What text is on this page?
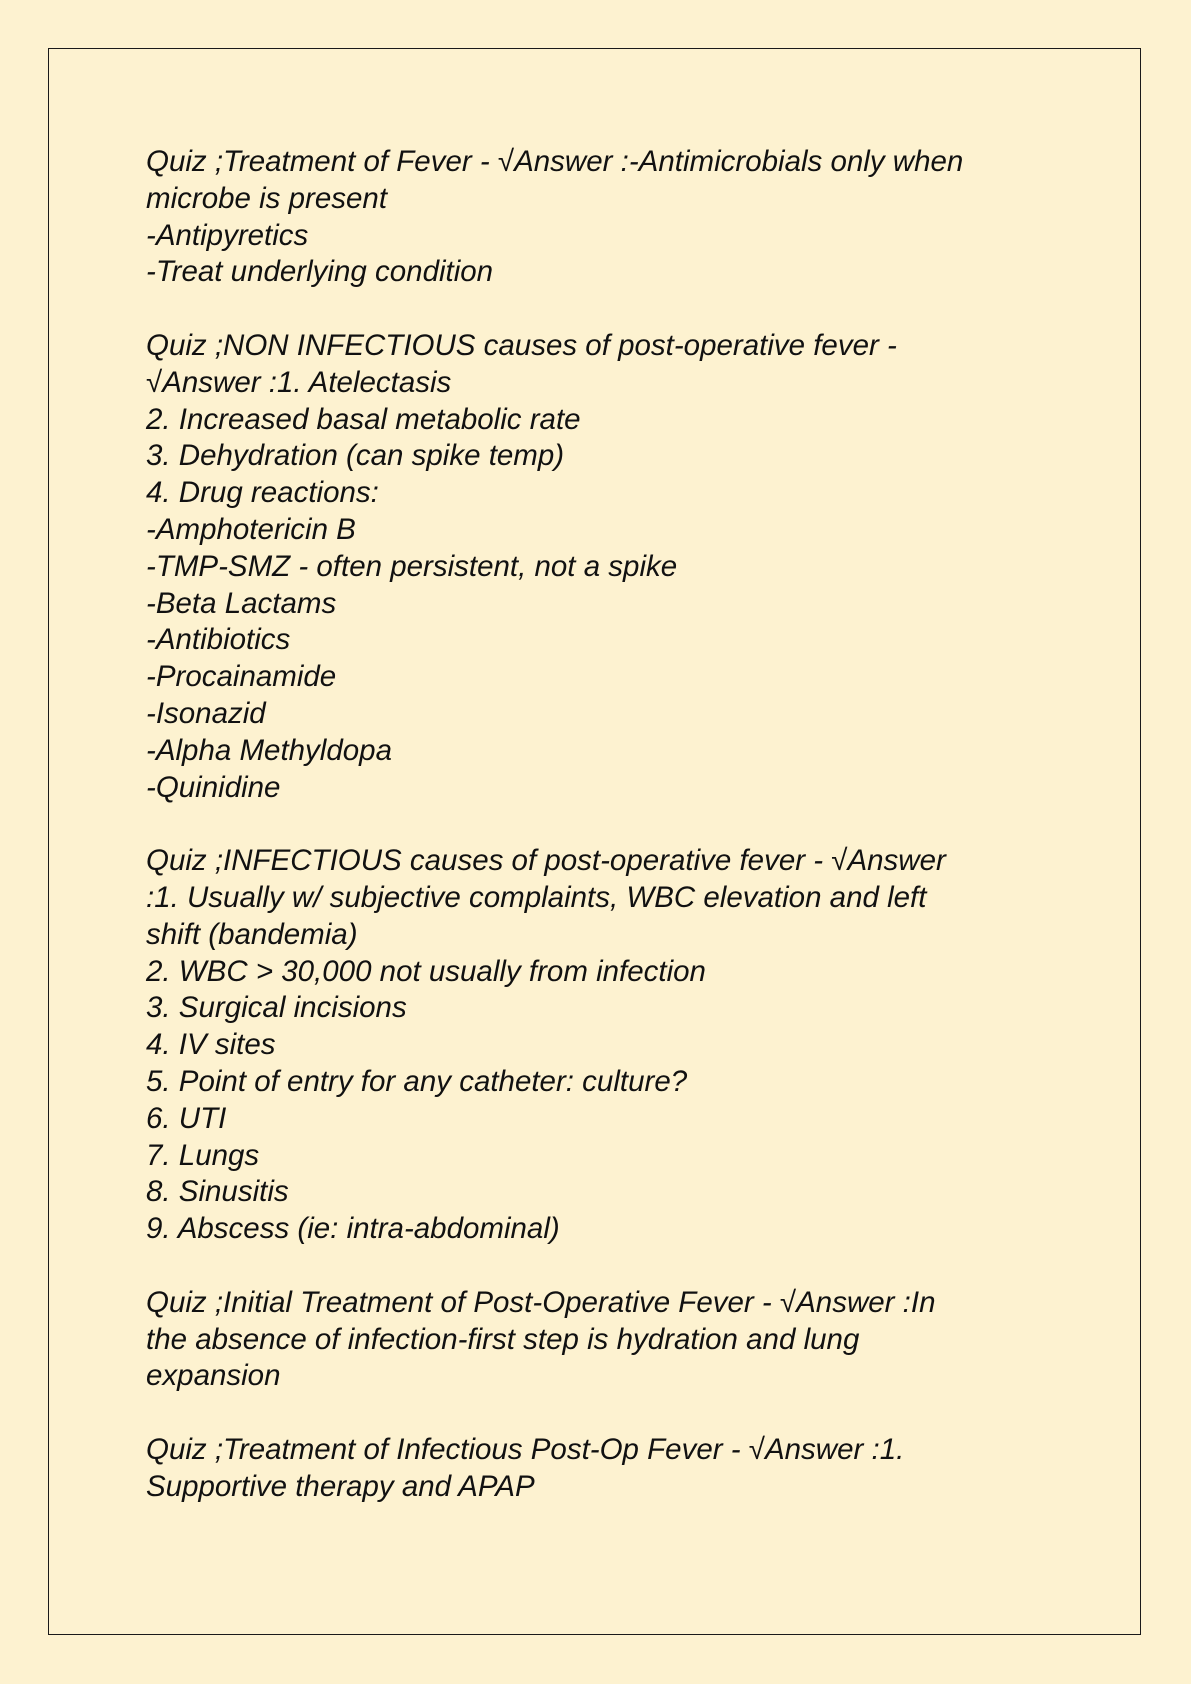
Quiz ;Treatment of Fever - √Answer :-Antimicrobials only when
microbe is present
-Antipyretics
-Treat underlying condition
Quiz ;NON INFECTIOUS causes of post-operative fever -
√Answer :1. Atelectasis
2. Increased basal metabolic rate
3. Dehydration (can spike temp)
4. Drug reactions:
-Amphotericin B
-TMP-SMZ - often persistent, not a spike
-Beta Lactams
-Antibiotics
-Procainamide
-Isonazid
-Alpha Methyldopa
-Quinidine
Quiz ;INFECTIOUS causes of post-operative fever - √Answer
:1. Usually w/ subjective complaints, WBC elevation and left
shift (bandemia)
2. WBC > 30,000 not usually from infection
3. Surgical incisions
4. IV sites
5. Point of entry for any catheter: culture?
6. UTI
7. Lungs
8. Sinusitis
9. Abscess (ie: intra-abdominal)
Quiz ;Initial Treatment of Post-Operative Fever - √Answer :In
the absence of infection-first step is hydration and lung
expansion
Quiz ;Treatment of Infectious Post-Op Fever - √Answer :1.
Supportive therapy and APAP
